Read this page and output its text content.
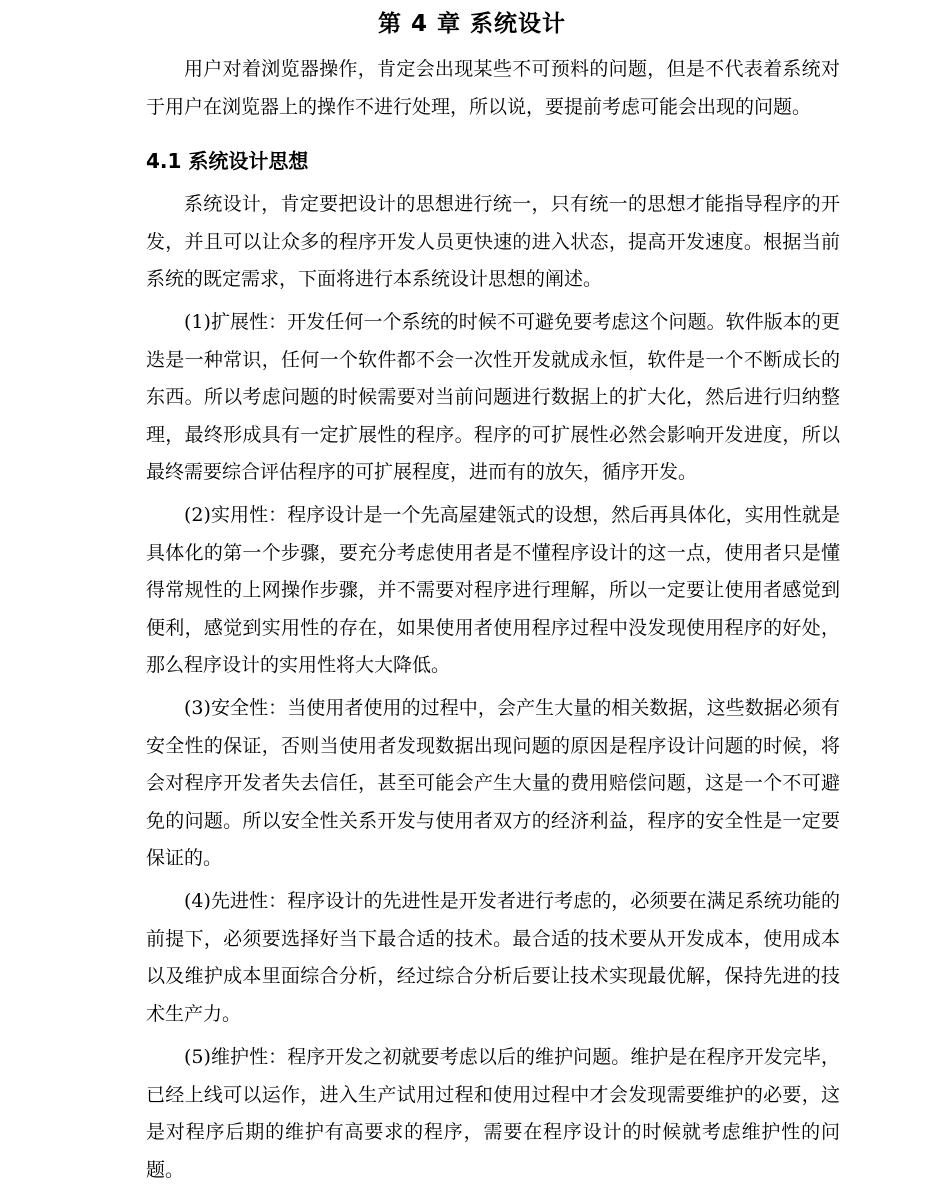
第 4 章 系统设计

用户对着浏览器操作，肯定会出现某些不可预料的问题，但是不代表着系统对于用户在浏览器上的操作不进行处理，所以说，要提前考虑可能会出现的问题。

4.1 系统设计思想

系统设计，肯定要把设计的思想进行统一，只有统一的思想才能指导程序的开发，并且可以让众多的程序开发人员更快速的进入状态，提高开发速度。根据当前系统的既定需求，下面将进行本系统设计思想的阐述。

(1)扩展性：开发任何一个系统的时候不可避免要考虑这个问题。软件版本的更迭是一种常识，任何一个软件都不会一次性开发就成永恒，软件是一个不断成长的东西。所以考虑问题的时候需要对当前问题进行数据上的扩大化，然后进行归纳整理，最终形成具有一定扩展性的程序。程序的可扩展性必然会影响开发进度，所以最终需要综合评估程序的可扩展程度，进而有的放矢，循序开发。

(2)实用性：程序设计是一个先高屋建瓴式的设想，然后再具体化，实用性就是具体化的第一个步骤，要充分考虑使用者是不懂程序设计的这一点，使用者只是懂得常规性的上网操作步骤，并不需要对程序进行理解，所以一定要让使用者感觉到便利，感觉到实用性的存在，如果使用者使用程序过程中没发现使用程序的好处，那么程序设计的实用性将大大降低。

(3)安全性：当使用者使用的过程中，会产生大量的相关数据，这些数据必须有安全性的保证，否则当使用者发现数据出现问题的原因是程序设计问题的时候，将会对程序开发者失去信任，甚至可能会产生大量的费用赔偿问题，这是一个不可避免的问题。所以安全性关系开发与使用者双方的经济利益，程序的安全性是一定要保证的。

(4)先进性：程序设计的先进性是开发者进行考虑的，必须要在满足系统功能的前提下，必须要选择好当下最合适的技术。最合适的技术要从开发成本，使用成本以及维护成本里面综合分析，经过综合分析后要让技术实现最优解，保持先进的技术生产力。

(5)维护性：程序开发之初就要考虑以后的维护问题。维护是在程序开发完毕，已经上线可以运作，进入生产试用过程和使用过程中才会发现需要维护的必要，这是对程序后期的维护有高要求的程序，需要在程序设计的时候就考虑维护性的问题。
